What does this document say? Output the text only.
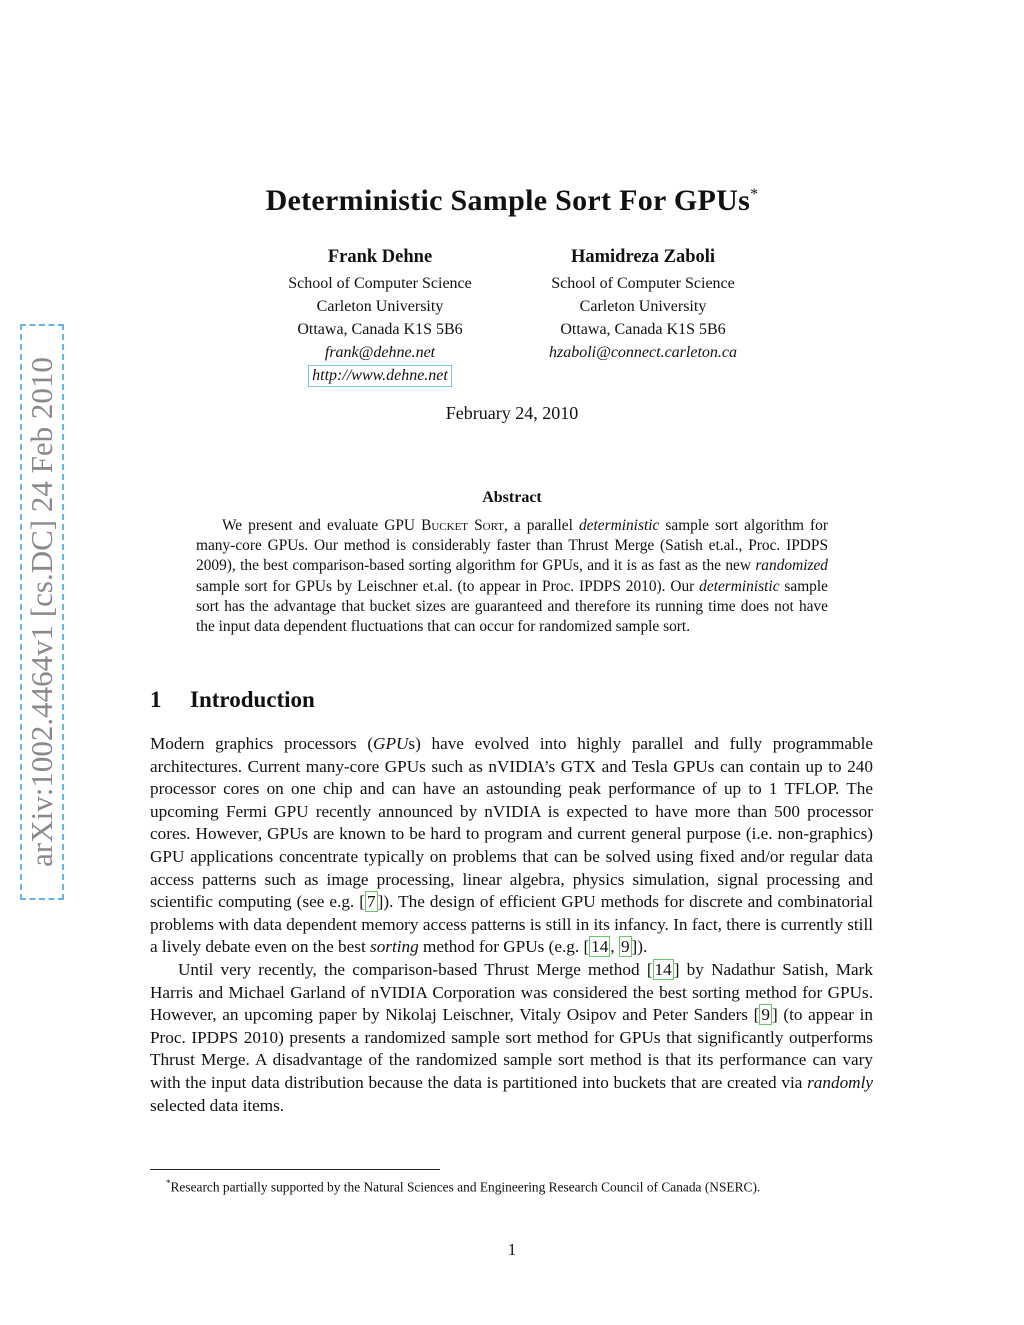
arXiv:1002.4464v1 [cs.DC] 24 Feb 2010
Deterministic Sample Sort For GPUs*
Frank Dehne
School of Computer Science
Carleton University
Ottawa, Canada K1S 5B6
frank@dehne.net
http://www.dehne.net
Hamidreza Zaboli
School of Computer Science
Carleton University
Ottawa, Canada K1S 5B6
hzaboli@connect.carleton.ca
February 24, 2010
Abstract
We present and evaluate GPU Bucket Sort, a parallel deterministic sample sort algorithm for many-core GPUs. Our method is considerably faster than Thrust Merge (Satish et.al., Proc. IPDPS 2009), the best comparison-based sorting algorithm for GPUs, and it is as fast as the new randomized sample sort for GPUs by Leischner et.al. (to appear in Proc. IPDPS 2010). Our deterministic sample sort has the advantage that bucket sizes are guaranteed and therefore its running time does not have the input data dependent fluctuations that can occur for randomized sample sort.
1 Introduction

Modern graphics processors (GPUs) have evolved into highly parallel and fully programmable architectures. Current many-core GPUs such as nVIDIA’s GTX and Tesla GPUs can contain up to 240 processor cores on one chip and can have an astounding peak performance of up to 1 TFLOP. The upcoming Fermi GPU recently announced by nVIDIA is expected to have more than 500 processor cores. However, GPUs are known to be hard to program and current general purpose (i.e. non-graphics) GPU applications concentrate typically on problems that can be solved using fixed and/or regular data access patterns such as image processing, linear algebra, physics simulation, signal processing and scientific computing (see e.g. [ 7 ]). The design of efficient GPU methods for discrete and combinatorial problems with data dependent memory access patterns is still in its infancy. In fact, there is currently still a lively debate even on the best sorting method for GPUs (e.g. [ 14 , 9 ]).

Until very recently, the comparison-based Thrust Merge method [ 14 ] by Nadathur Satish, Mark Harris and Michael Garland of nVIDIA Corporation was considered the best sorting method for GPUs. However, an upcoming paper by Nikolaj Leischner, Vitaly Osipov and Peter Sanders [ 9 ] (to appear in Proc. IPDPS 2010) presents a randomized sample sort method for GPUs that significantly outperforms Thrust Merge. A disadvantage of the randomized sample sort method is that its performance can vary with the input data distribution because the data is partitioned into buckets that are created via randomly selected data items.

*Research partially supported by the Natural Sciences and Engineering Research Council of Canada (NSERC).
1
